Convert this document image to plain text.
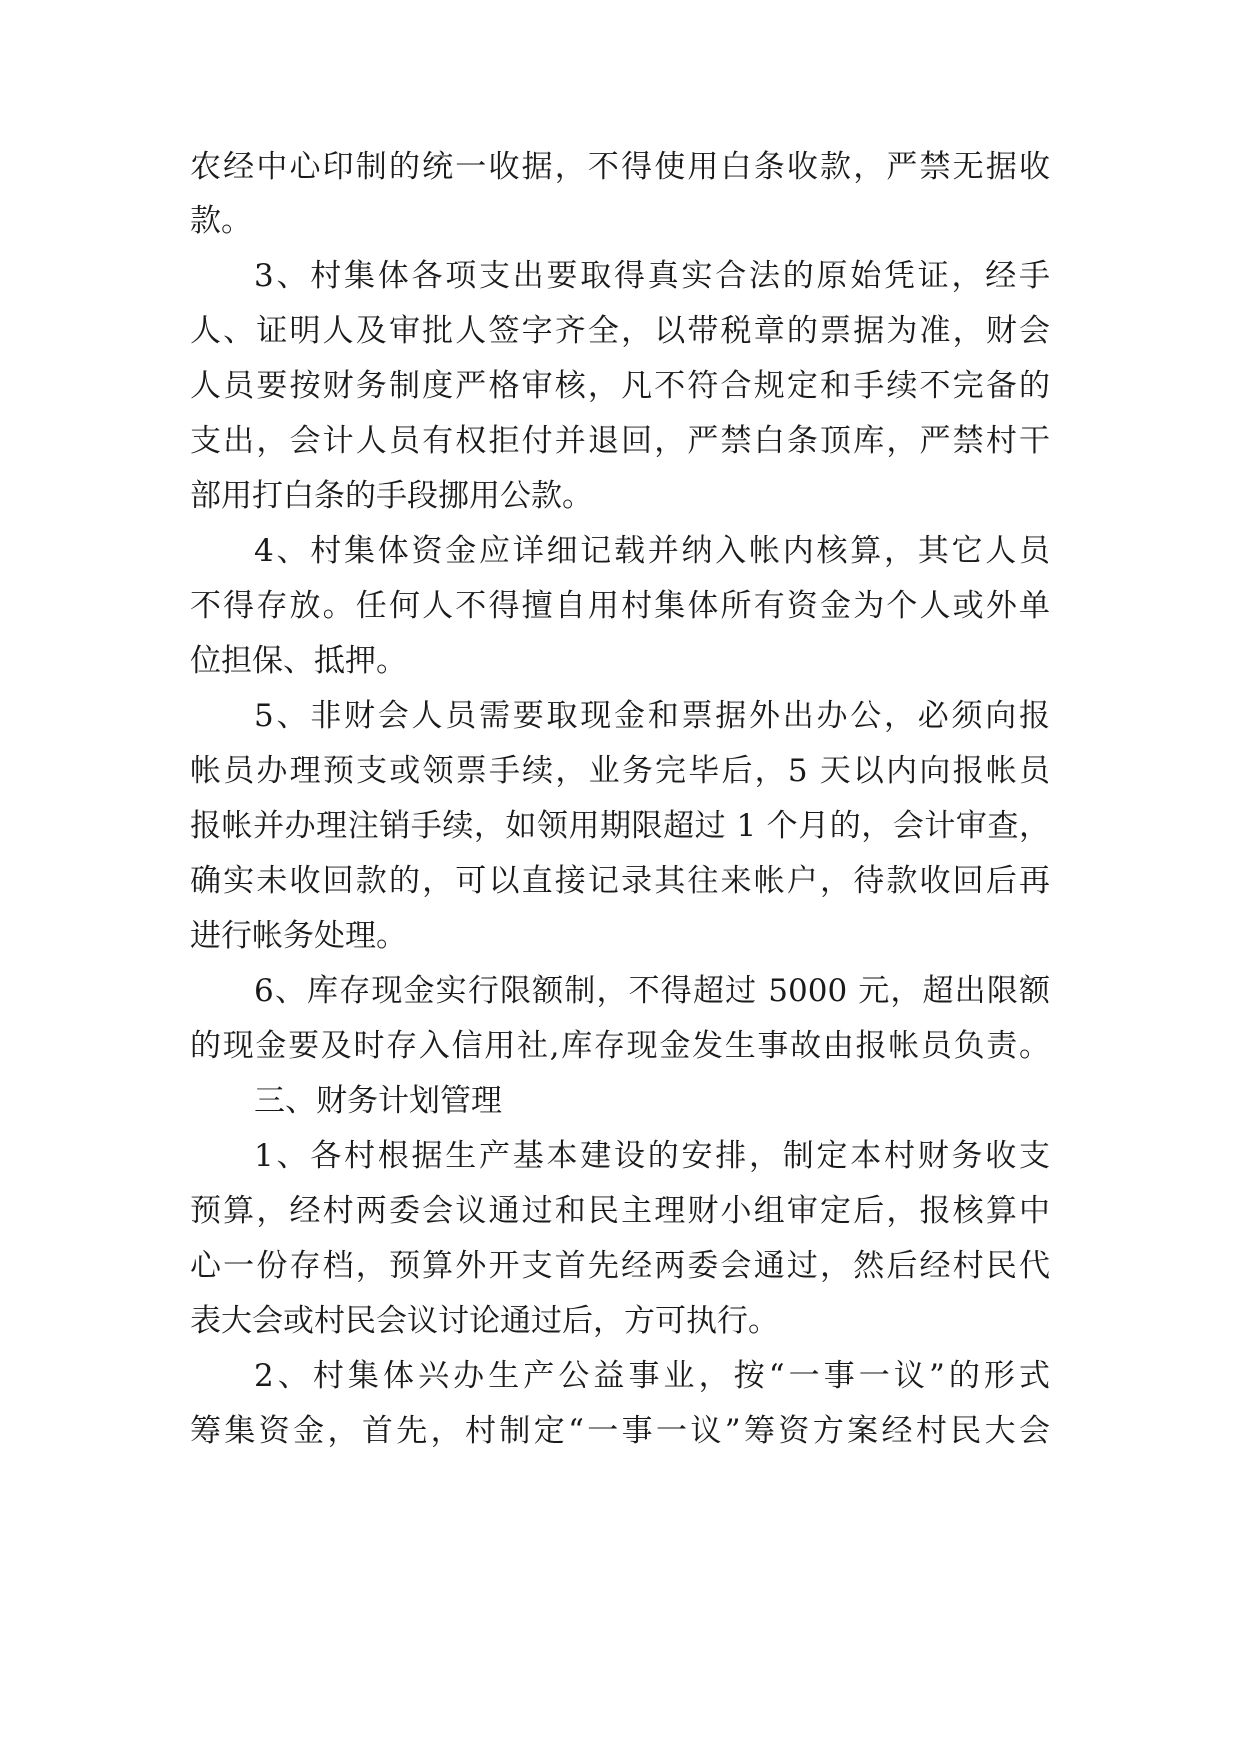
农经中心印制的统一收据，不得使用白条收款，严禁无据收
款。
3、村集体各项支出要取得真实合法的原始凭证，经手
人、证明人及审批人签字齐全，以带税章的票据为准，财会
人员要按财务制度严格审核，凡不符合规定和手续不完备的
支出，会计人员有权拒付并退回，严禁白条顶库，严禁村干
部用打白条的手段挪用公款。
4、村集体资金应详细记载并纳入帐内核算，其它人员
不得存放。任何人不得擅自用村集体所有资金为个人或外单
位担保、抵押。
5、非财会人员需要取现金和票据外出办公，必须向报
帐员办理预支或领票手续，业务完毕后，5 天以内向报帐员
报帐并办理注销手续，如领用期限超过 1 个月的，会计审查，
确实未收回款的，可以直接记录其往来帐户，待款收回后再
进行帐务处理。
6、库存现金实行限额制，不得超过 5000 元，超出限额
的现金要及时存入信用社,库存现金发生事故由报帐员负责。
三、财务计划管理
1、各村根据生产基本建设的安排，制定本村财务收支
预算，经村两委会议通过和民主理财小组审定后，报核算中
心一份存档，预算外开支首先经两委会通过，然后经村民代
表大会或村民会议讨论通过后，方可执行。
2、村集体兴办生产公益事业，按“一事一议”的形式
筹集资金，首先，村制定“一事一议”筹资方案经村民大会
